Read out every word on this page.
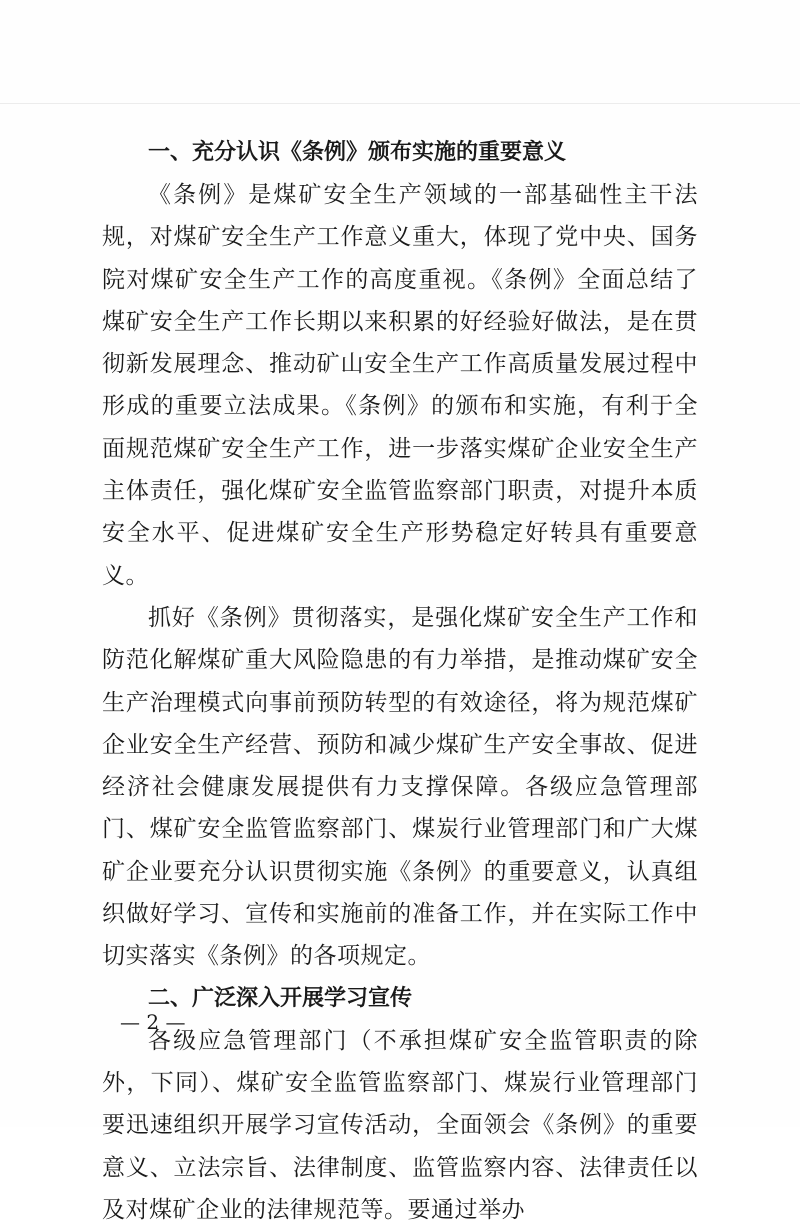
一、充分认识《条例》颁布实施的重要意义

《条例》是煤矿安全生产领域的一部基础性主干法规，对煤矿安全生产工作意义重大，体现了党中央、国务院对煤矿安全生产工作的高度重视。《条例》全面总结了煤矿安全生产工作长期以来积累的好经验好做法，是在贯彻新发展理念、推动矿山安全生产工作高质量发展过程中形成的重要立法成果。《条例》的颁布和实施，有利于全面规范煤矿安全生产工作，进一步落实煤矿企业安全生产主体责任，强化煤矿安全监管监察部门职责，对提升本质安全水平、促进煤矿安全生产形势稳定好转具有重要意义。

抓好《条例》贯彻落实，是强化煤矿安全生产工作和防范化解煤矿重大风险隐患的有力举措，是推动煤矿安全生产治理模式向事前预防转型的有效途径，将为规范煤矿企业安全生产经营、预防和减少煤矿生产安全事故、促进经济社会健康发展提供有力支撑保障。各级应急管理部门、煤矿安全监管监察部门、煤炭行业管理部门和广大煤矿企业要充分认识贯彻实施《条例》的重要意义，认真组织做好学习、宣传和实施前的准备工作，并在实际工作中切实落实《条例》的各项规定。

二、广泛深入开展学习宣传

各级应急管理部门（不承担煤矿安全监管职责的除外，下同）、煤矿安全监管监察部门、煤炭行业管理部门要迅速组织开展学习宣传活动，全面领会《条例》的重要意义、立法宗旨、法律制度、监管监察内容、法律责任以及对煤矿企业的法律规范等。要通过举办

— 2 —
